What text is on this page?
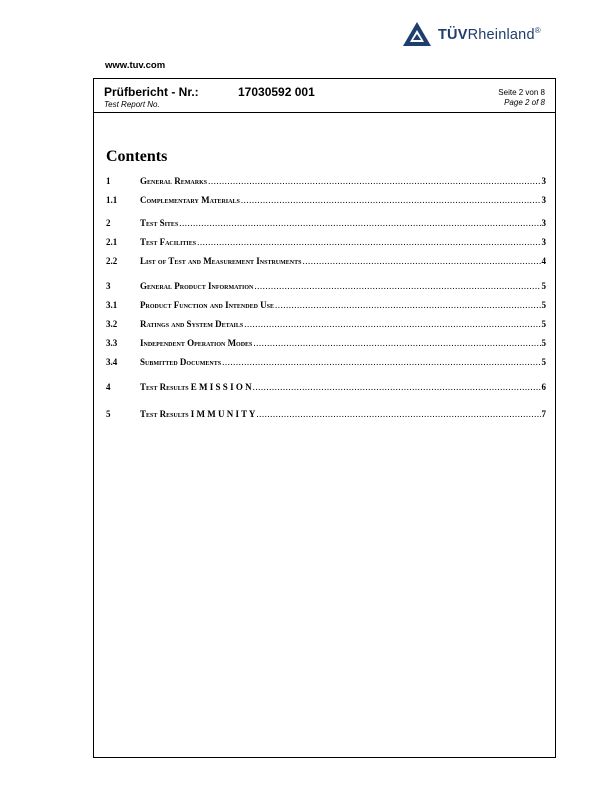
TÜVRheinland®
www.tuv.com
Prüfbericht - Nr.:	17030592 001
Test Report No.
Seite 2 von 8
Page 2 of 8
Contents
1	General Remarks .....	3
1.1	Complementary Materials .....	3
2	Test Sites .....	3
2.1	Test Facilities .....	3
2.2	List of Test and Measurement Instruments .....	4
3	General Product Information .....	5
3.1	Product Function and Intended Use .....	5
3.2	Ratings and System Details .....	5
3.3	Independent Operation Modes .....	5
3.4	Submitted Documents .....	5
4	Test Results E M I S S I O N .....	6
5	Test Results I M M U N I T Y .....	7
